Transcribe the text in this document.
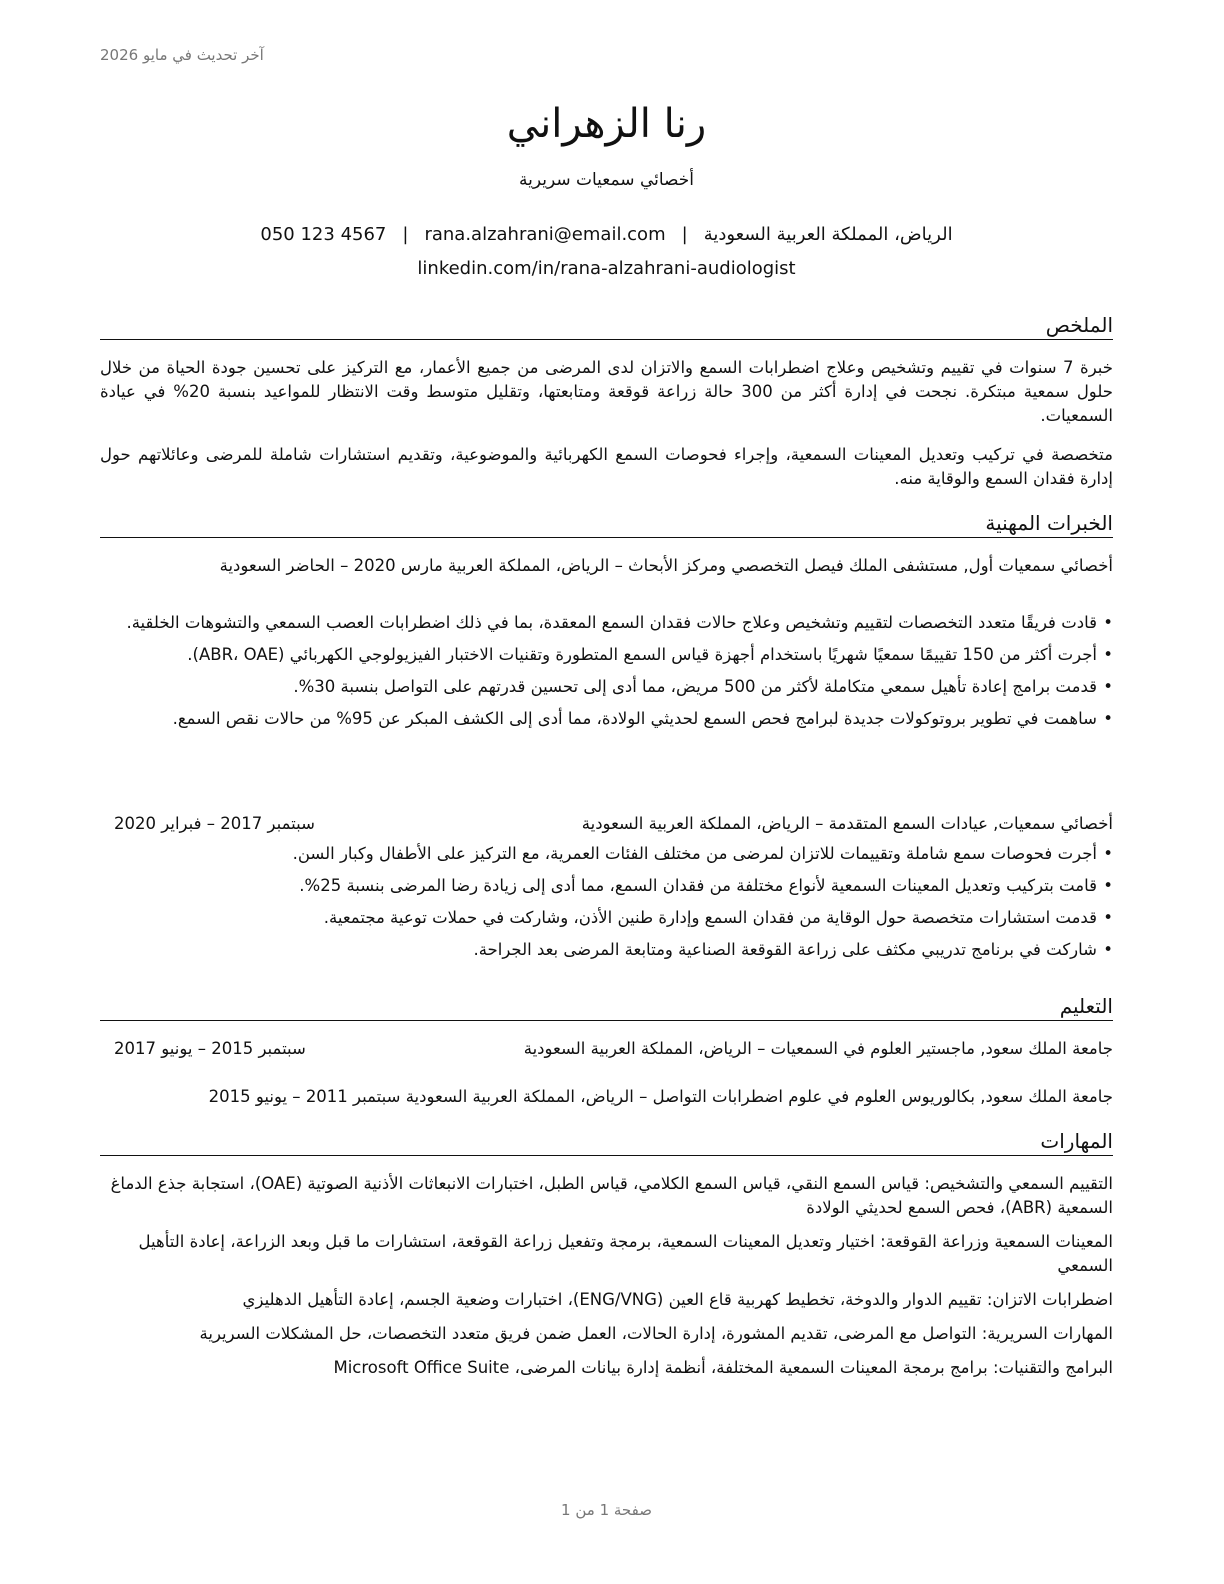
آخر تحديث في مايو 2026
رنا الزهراني
أخصائي سمعيات سريرية
الرياض، المملكة العربية السعودية|rana.alzahrani@email.com|050 123 4567
linkedin.com/in/rana-alzahrani-audiologist
الملخص
خبرة 7 سنوات في تقييم وتشخيص وعلاج اضطرابات السمع والاتزان لدى المرضى من جميع الأعمار، مع التركيز على تحسين جودة الحياة من خلال حلول سمعية مبتكرة. نجحت في إدارة أكثر من 300 حالة زراعة قوقعة ومتابعتها، وتقليل متوسط وقت الانتظار للمواعيد بنسبة 20% في عيادة السمعيات.
متخصصة في تركيب وتعديل المعينات السمعية، وإجراء فحوصات السمع الكهربائية والموضوعية، وتقديم استشارات شاملة للمرضى وعائلاتهم حول إدارة فقدان السمع والوقاية منه.
الخبرات المهنية
أخصائي سمعيات أول, مستشفى الملك فيصل التخصصي ومركز الأبحاث – الرياض، المملكة العربية مارس 2020 – الحاضر السعودية
• قادت فريقًا متعدد التخصصات لتقييم وتشخيص وعلاج حالات فقدان السمع المعقدة، بما في ذلك اضطرابات العصب السمعي والتشوهات الخلقية.
• أجرت أكثر من 150 تقييمًا سمعيًا شهريًا باستخدام أجهزة قياس السمع المتطورة وتقنيات الاختبار الفيزيولوجي الكهربائي (ABR، OAE).
• قدمت برامج إعادة تأهيل سمعي متكاملة لأكثر من 500 مريض، مما أدى إلى تحسين قدرتهم على التواصل بنسبة 30%.
• ساهمت في تطوير بروتوكولات جديدة لبرامج فحص السمع لحديثي الولادة، مما أدى إلى الكشف المبكر عن 95% من حالات نقص السمع.
أخصائي سمعيات, عيادات السمع المتقدمة – الرياض، المملكة العربية السعودية
سبتمبر 2017 – فبراير 2020
• أجرت فحوصات سمع شاملة وتقييمات للاتزان لمرضى من مختلف الفئات العمرية، مع التركيز على الأطفال وكبار السن.
• قامت بتركيب وتعديل المعينات السمعية لأنواع مختلفة من فقدان السمع، مما أدى إلى زيادة رضا المرضى بنسبة 25%.
• قدمت استشارات متخصصة حول الوقاية من فقدان السمع وإدارة طنين الأذن، وشاركت في حملات توعية مجتمعية.
• شاركت في برنامج تدريبي مكثف على زراعة القوقعة الصناعية ومتابعة المرضى بعد الجراحة.
التعليم
جامعة الملك سعود, ماجستير العلوم في السمعيات – الرياض، المملكة العربية السعودية
سبتمبر 2015 – يونيو 2017
جامعة الملك سعود, بكالوريوس العلوم في علوم اضطرابات التواصل – الرياض، المملكة العربية السعودية سبتمبر 2011 – يونيو 2015
المهارات
التقييم السمعي والتشخيص: قياس السمع النقي، قياس السمع الكلامي، قياس الطبل، اختبارات الانبعاثات الأذنية الصوتية (OAE)، استجابة جذع الدماغ السمعية (ABR)، فحص السمع لحديثي الولادة
المعينات السمعية وزراعة القوقعة: اختيار وتعديل المعينات السمعية، برمجة وتفعيل زراعة القوقعة، استشارات ما قبل وبعد الزراعة، إعادة التأهيل السمعي
اضطرابات الاتزان: تقييم الدوار والدوخة، تخطيط كهربية قاع العين (ENG/VNG)، اختبارات وضعية الجسم، إعادة التأهيل الدهليزي
المهارات السريرية: التواصل مع المرضى، تقديم المشورة، إدارة الحالات، العمل ضمن فريق متعدد التخصصات، حل المشكلات السريرية
البرامج والتقنيات: برامج برمجة المعينات السمعية المختلفة، أنظمة إدارة بيانات المرضى، Microsoft Office Suite
صفحة 1 من 1
